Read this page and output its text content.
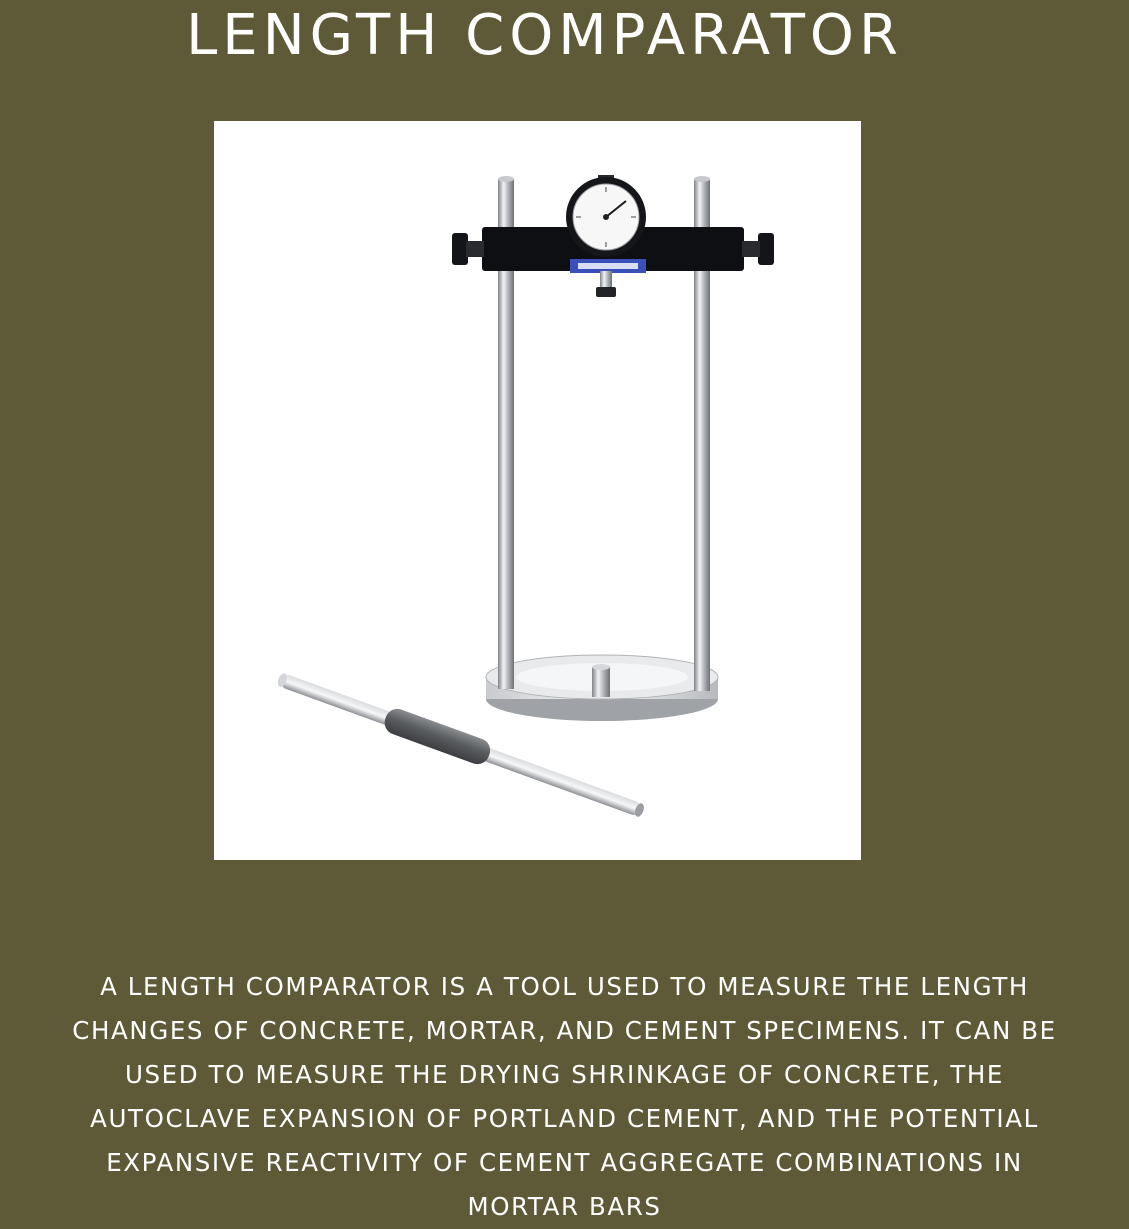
LENGTH COMPARATOR
A LENGTH COMPARATOR IS A TOOL USED TO MEASURE THE LENGTH
CHANGES OF CONCRETE, MORTAR, AND CEMENT SPECIMENS. IT CAN BE
USED TO MEASURE THE DRYING SHRINKAGE OF CONCRETE, THE
AUTOCLAVE EXPANSION OF PORTLAND CEMENT, AND THE POTENTIAL
EXPANSIVE REACTIVITY OF CEMENT AGGREGATE COMBINATIONS IN
MORTAR BARS
